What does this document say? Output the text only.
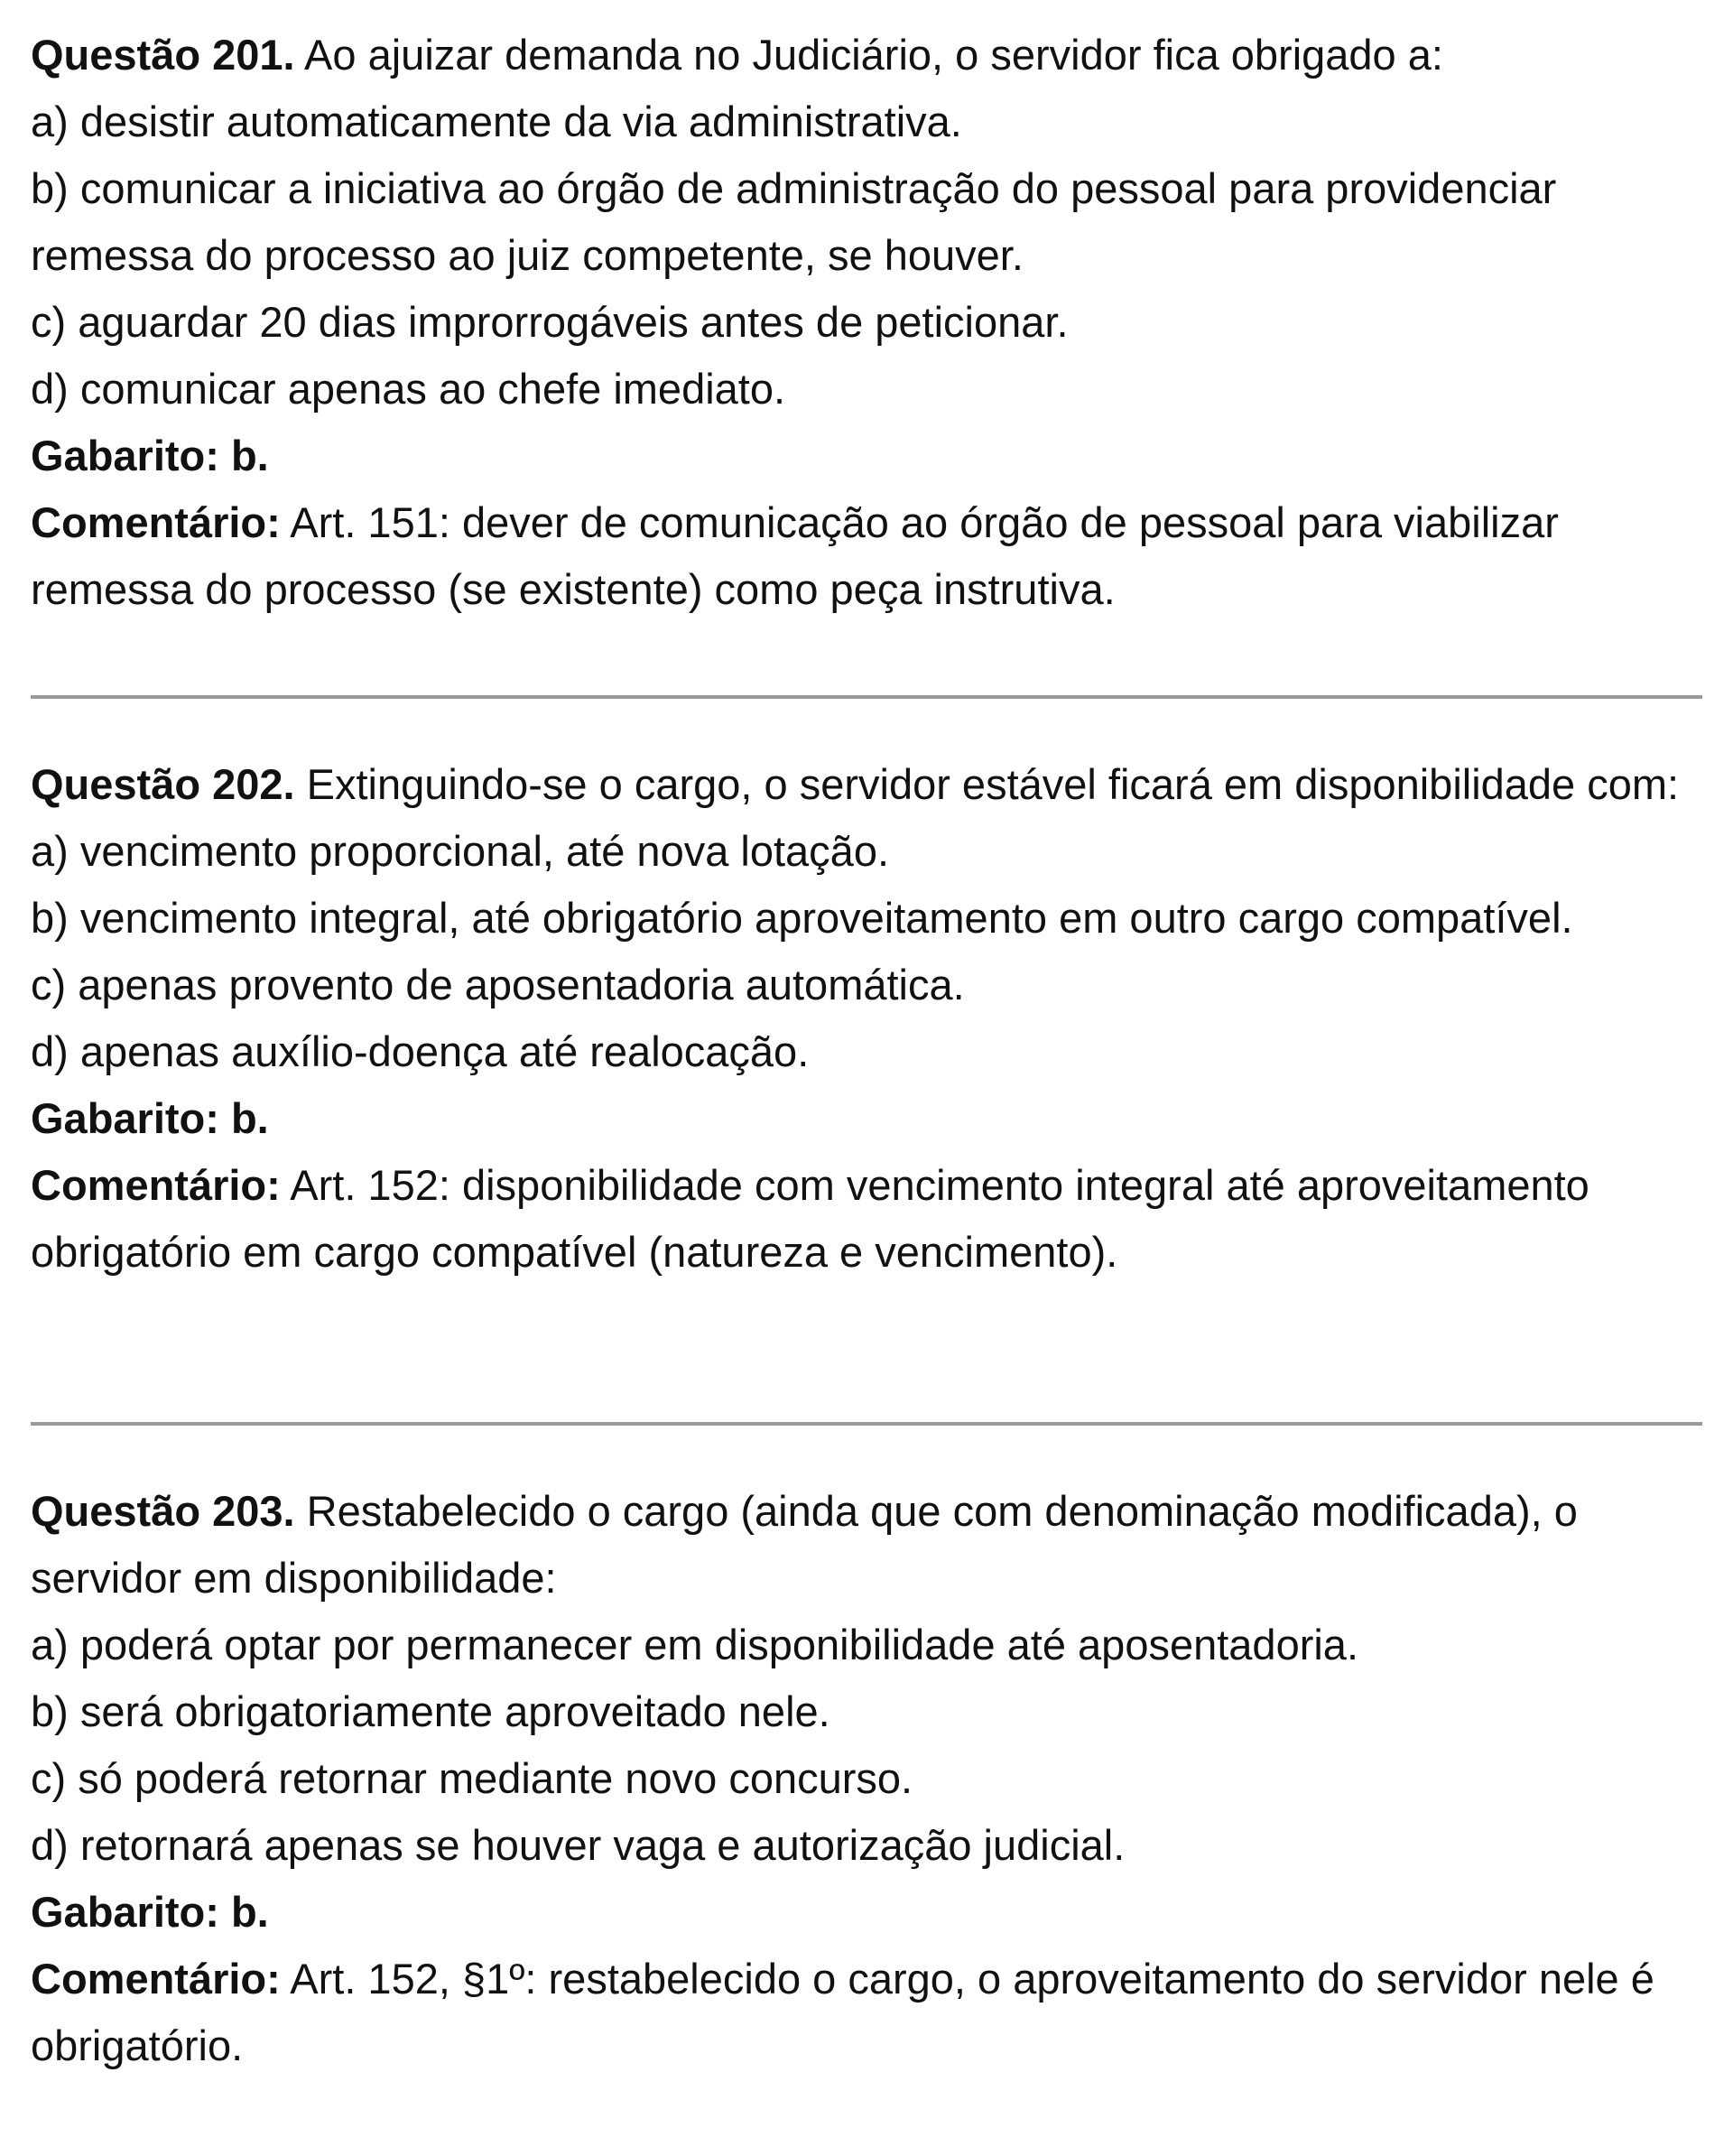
Questão 201. Ao ajuizar demanda no Judiciário, o servidor fica obrigado a:
a) desistir automaticamente da via administrativa.
b) comunicar a iniciativa ao órgão de administração do pessoal para providenciar remessa do processo ao juiz competente, se houver.
c) aguardar 20 dias improrrogáveis antes de peticionar.
d) comunicar apenas ao chefe imediato.
Gabarito: b.
Comentário: Art. 151: dever de comunicação ao órgão de pessoal para viabilizar remessa do processo (se existente) como peça instrutiva.
Questão 202. Extinguindo-se o cargo, o servidor estável ficará em disponibilidade com:
a) vencimento proporcional, até nova lotação.
b) vencimento integral, até obrigatório aproveitamento em outro cargo compatível.
c) apenas provento de aposentadoria automática.
d) apenas auxílio-doença até realocação.
Gabarito: b.
Comentário: Art. 152: disponibilidade com vencimento integral até aproveitamento obrigatório em cargo compatível (natureza e vencimento).
Questão 203. Restabelecido o cargo (ainda que com denominação modificada), o servidor em disponibilidade:
a) poderá optar por permanecer em disponibilidade até aposentadoria.
b) será obrigatoriamente aproveitado nele.
c) só poderá retornar mediante novo concurso.
d) retornará apenas se houver vaga e autorização judicial.
Gabarito: b.
Comentário: Art. 152, §1º: restabelecido o cargo, o aproveitamento do servidor nele é obrigatório.
